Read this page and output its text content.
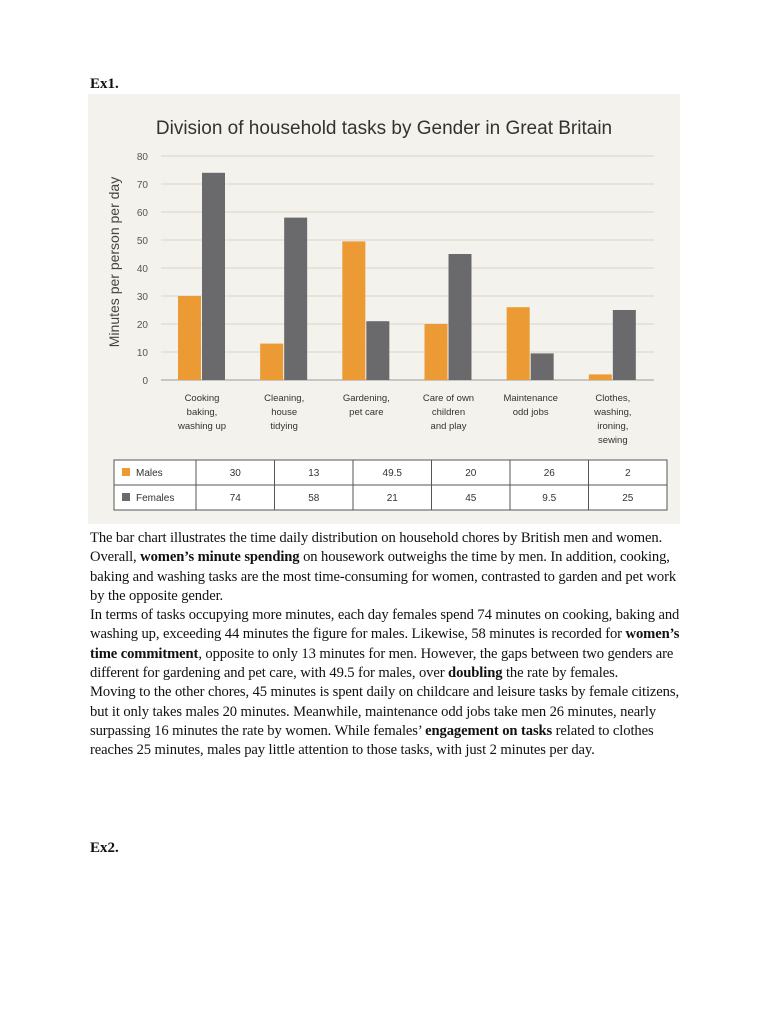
Ex1.
Division of household tasks by Gender in Great Britain
Minutes per person per day
80
70
60
50
40
30
20
10
0
Cooking
baking,
washing up
Cleaning,
house
tidying
Gardening,
pet care
Care of own
children
and play
Maintenance
odd jobs
Clothes,
washing,
ironing,
sewing
Males	30	13	49.5	20	26	2
Females	74	58	21	45	9.5	25

The bar chart illustrates the time daily distribution on household chores by British men and women.

Overall, women’s minute spending on housework outweighs the time by men. In addition, cooking, baking and washing tasks are the most time-consuming for women, contrasted to garden and pet work by the opposite gender.

In terms of tasks occupying more minutes, each day females spend 74 minutes on cooking, baking and washing up, exceeding 44 minutes the figure for males. Likewise, 58 minutes is recorded for women’s time commitment, opposite to only 13 minutes for men. However, the gaps between two genders are different for gardening and pet care, with 49.5 for males, over doubling the rate by females.

Moving to the other chores, 45 minutes is spent daily on childcare and leisure tasks by female citizens, but it only takes males 20 minutes. Meanwhile, maintenance odd jobs take men 26 minutes, nearly surpassing 16 minutes the rate by women. While females’ engagement on tasks related to clothes reaches 25 minutes, males pay little attention to those tasks, with just 2 minutes per day.

Ex2.
